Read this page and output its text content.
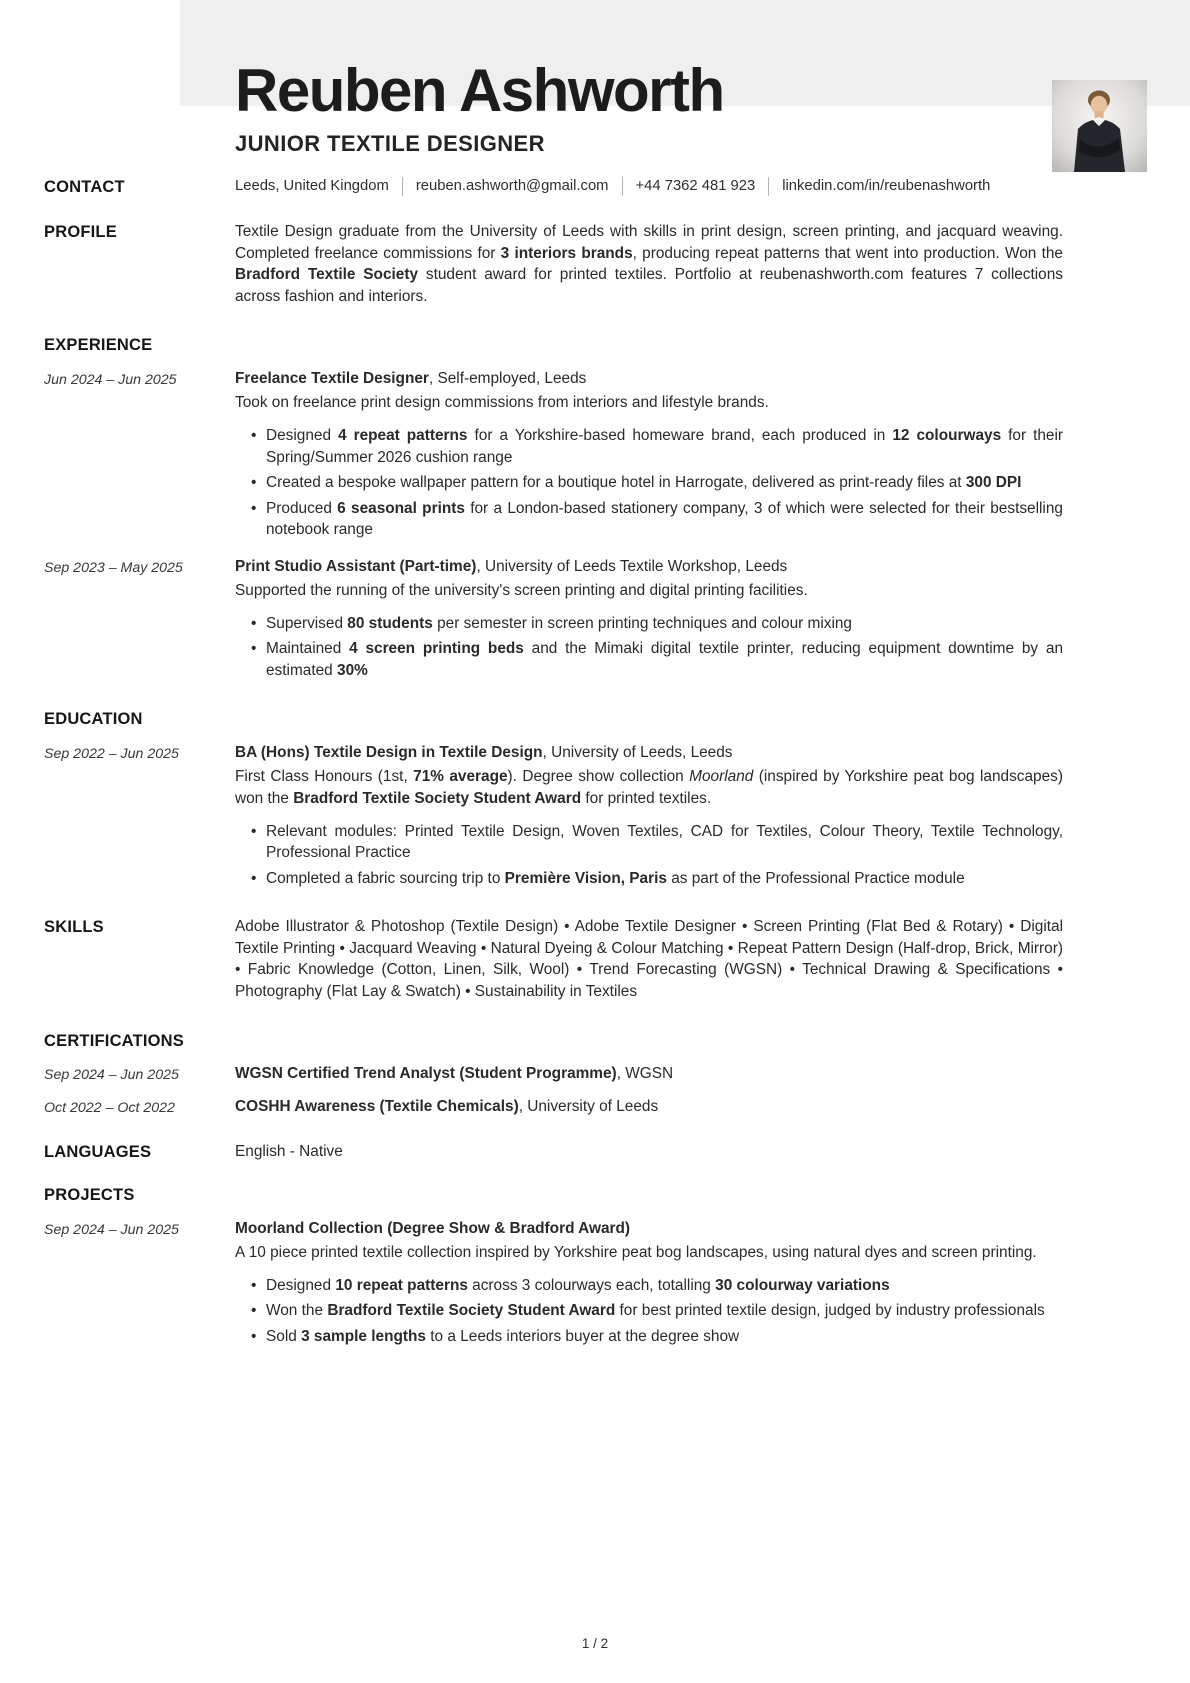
Reuben Ashworth
JUNIOR TEXTILE DESIGNER
CONTACT	Leeds, United Kingdom reuben.ashworth@gmail.com +44 7362 481 923 linkedin.com/in/reubenashworth
PROFILE	Textile Design graduate from the University of Leeds with skills in print design, screen printing, and jacquard weaving. Completed freelance commissions for 3 interiors brands, producing repeat patterns that went into production. Won the Bradford Textile Society student award for printed textiles. Portfolio at reubenashworth.com features 7 collections across fashion and interiors.

EXPERIENCE
Jun 2024 – Jun 2025	Freelance Textile Designer, Self-employed, Leeds

Took on freelance print design commissions from interiors and lifestyle brands.

• Designed 4 repeat patterns for a Yorkshire-based homeware brand, each produced in 12 colourways for their Spring/Summer 2026 cushion range
• Created a bespoke wallpaper pattern for a boutique hotel in Harrogate, delivered as print-ready files at 300 DPI
• Produced 6 seasonal prints for a London-based stationery company, 3 of which were selected for their bestselling notebook range
Sep 2023 – May 2025	Print Studio Assistant (Part-time), University of Leeds Textile Workshop, Leeds

Supported the running of the university's screen printing and digital printing facilities.

• Supervised 80 students per semester in screen printing techniques and colour mixing
• Maintained 4 screen printing beds and the Mimaki digital textile printer, reducing equipment downtime by an estimated 30%
EDUCATION
Sep 2022 – Jun 2025	BA (Hons) Textile Design in Textile Design, University of Leeds, Leeds

First Class Honours (1st, 71% average). Degree show collection Moorland (inspired by Yorkshire peat bog landscapes) won the Bradford Textile Society Student Award for printed textiles.

• Relevant modules: Printed Textile Design, Woven Textiles, CAD for Textiles, Colour Theory, Textile Technology, Professional Practice
• Completed a fabric sourcing trip to Première Vision, Paris as part of the Professional Practice module
SKILLS	Adobe Illustrator & Photoshop (Textile Design) • Adobe Textile Designer • Screen Printing (Flat Bed & Rotary) • Digital Textile Printing • Jacquard Weaving • Natural Dyeing & Colour Matching • Repeat Pattern Design (Half-drop, Brick, Mirror) • Fabric Knowledge (Cotton, Linen, Silk, Wool) • Trend Forecasting (WGSN) • Technical Drawing & Specifications • Photography (Flat Lay & Swatch) • Sustainability in Textiles

CERTIFICATIONS
Sep 2024 – Jun 2025	WGSN Certified Trend Analyst (Student Programme), WGSN
Oct 2022 – Oct 2022	COSHH Awareness (Textile Chemicals), University of Leeds
LANGUAGES	English - Native
PROJECTS
Sep 2024 – Jun 2025	Moorland Collection (Degree Show & Bradford Award)

A 10 piece printed textile collection inspired by Yorkshire peat bog landscapes, using natural dyes and screen printing.

• Designed 10 repeat patterns across 3 colourways each, totalling 30 colourway variations
• Won the Bradford Textile Society Student Award for best printed textile design, judged by industry professionals
• Sold 3 sample lengths to a Leeds interiors buyer at the degree show
1 / 2
